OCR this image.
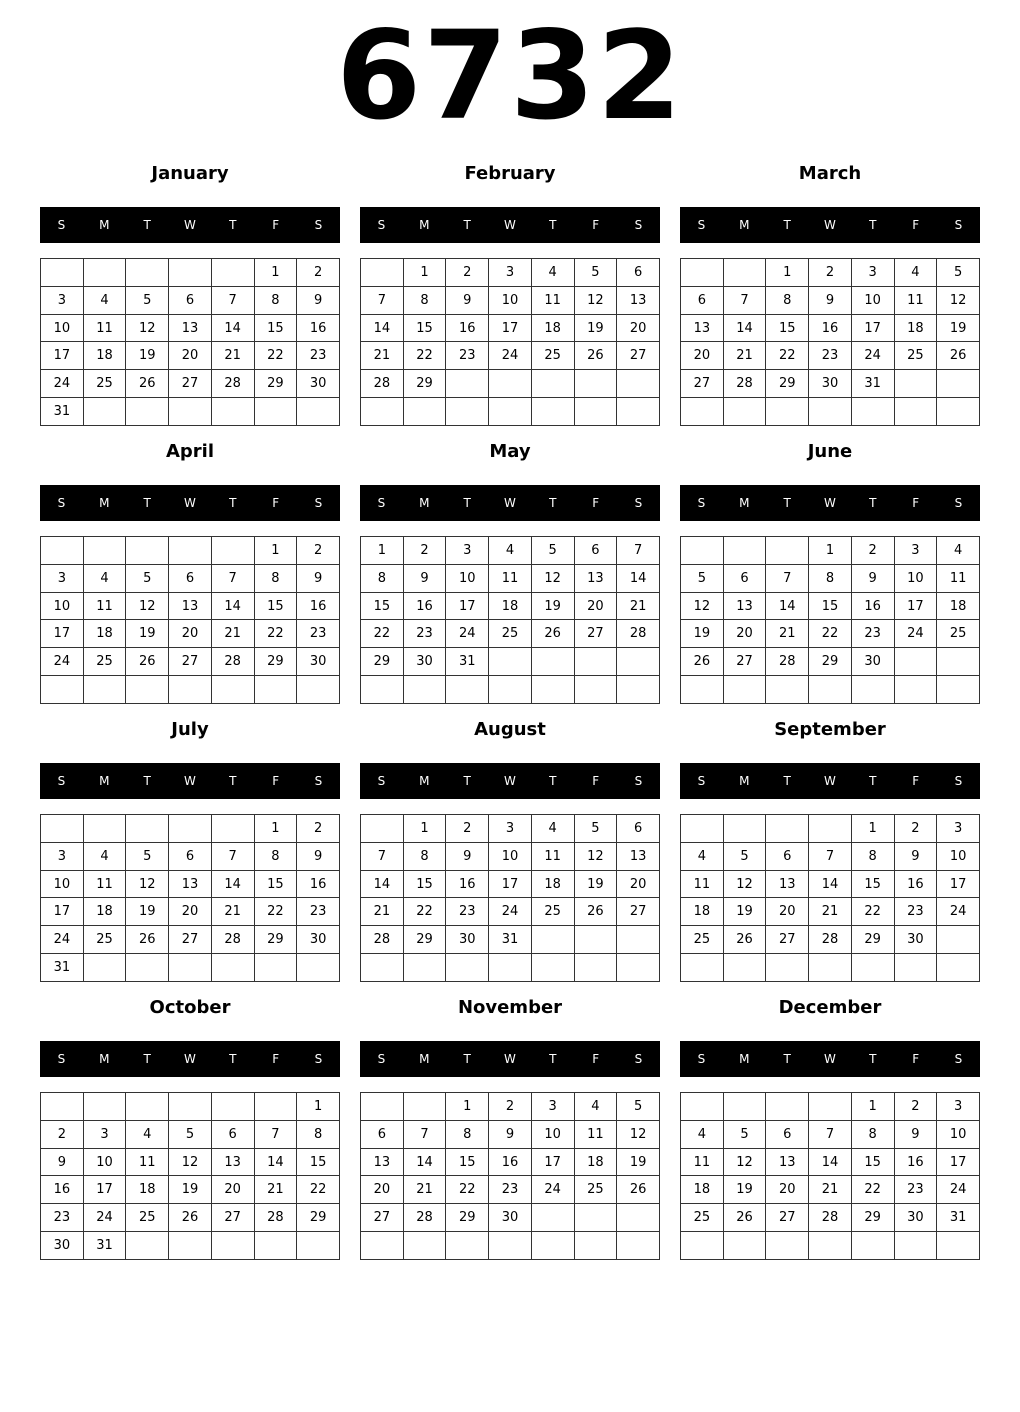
6732
January
S	M	T	W	T	F	S
					1	2
3	4	5	6	7	8	9
10	11	12	13	14	15	16
17	18	19	20	21	22	23
24	25	26	27	28	29	30
31						
February
S	M	T	W	T	F	S
	1	2	3	4	5	6
7	8	9	10	11	12	13
14	15	16	17	18	19	20
21	22	23	24	25	26	27
28	29					

March
S	M	T	W	T	F	S
		1	2	3	4	5
6	7	8	9	10	11	12
13	14	15	16	17	18	19
20	21	22	23	24	25	26
27	28	29	30	31		

April
S	M	T	W	T	F	S
					1	2
3	4	5	6	7	8	9
10	11	12	13	14	15	16
17	18	19	20	21	22	23
24	25	26	27	28	29	30

May
S	M	T	W	T	F	S
1	2	3	4	5	6	7
8	9	10	11	12	13	14
15	16	17	18	19	20	21
22	23	24	25	26	27	28
29	30	31				

June
S	M	T	W	T	F	S
			1	2	3	4
5	6	7	8	9	10	11
12	13	14	15	16	17	18
19	20	21	22	23	24	25
26	27	28	29	30		

July
S	M	T	W	T	F	S
					1	2
3	4	5	6	7	8	9
10	11	12	13	14	15	16
17	18	19	20	21	22	23
24	25	26	27	28	29	30
31						
August
S	M	T	W	T	F	S
	1	2	3	4	5	6
7	8	9	10	11	12	13
14	15	16	17	18	19	20
21	22	23	24	25	26	27
28	29	30	31			

September
S	M	T	W	T	F	S
				1	2	3
4	5	6	7	8	9	10
11	12	13	14	15	16	17
18	19	20	21	22	23	24
25	26	27	28	29	30	

October
S	M	T	W	T	F	S
						1
2	3	4	5	6	7	8
9	10	11	12	13	14	15
16	17	18	19	20	21	22
23	24	25	26	27	28	29
30	31					
November
S	M	T	W	T	F	S
		1	2	3	4	5
6	7	8	9	10	11	12
13	14	15	16	17	18	19
20	21	22	23	24	25	26
27	28	29	30			

December
S	M	T	W	T	F	S
				1	2	3
4	5	6	7	8	9	10
11	12	13	14	15	16	17
18	19	20	21	22	23	24
25	26	27	28	29	30	31
